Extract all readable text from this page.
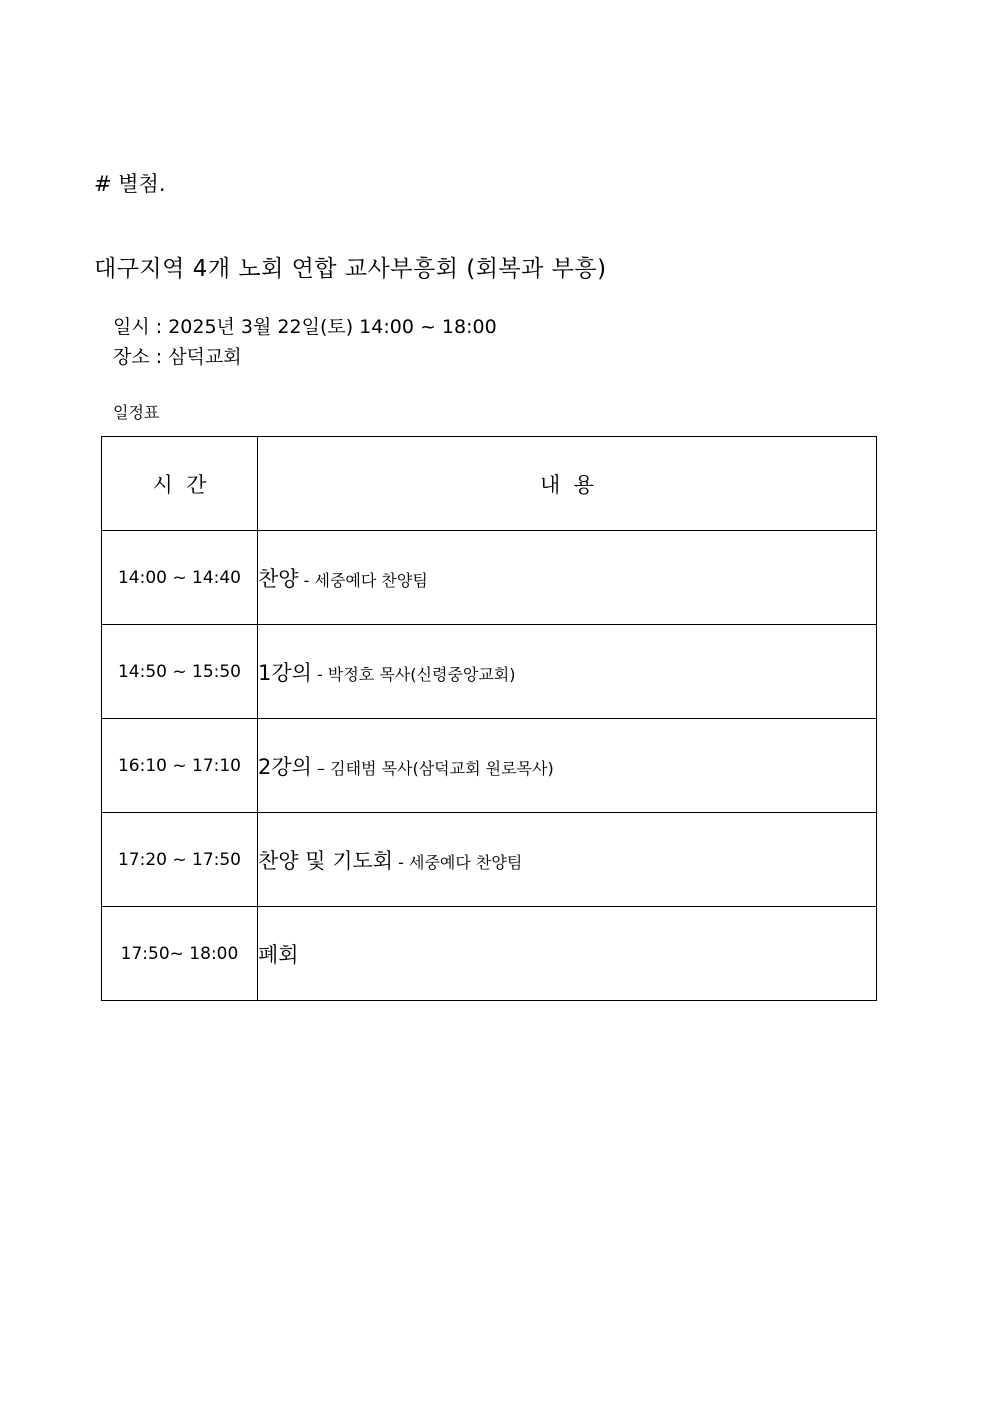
# 별첨.
대구지역 4개 노회 연합 교사부흥회 (회복과 부흥)
일시 : 2025년 3월 22일(토) 14:00 ~ 18:00
장소 : 삼덕교회
일정표
시  간	내  용
14:00 ~ 14:40	찬양 - 세중예다 찬양팀
14:50 ~ 15:50	1강의 - 박정호 목사(신령중앙교회)
16:10 ~ 17:10	2강의 – 김태범 목사(삼덕교회 원로목사)
17:20 ~ 17:50	찬양 및 기도회 - 세중예다 찬양팀
17:50~ 18:00	폐회
